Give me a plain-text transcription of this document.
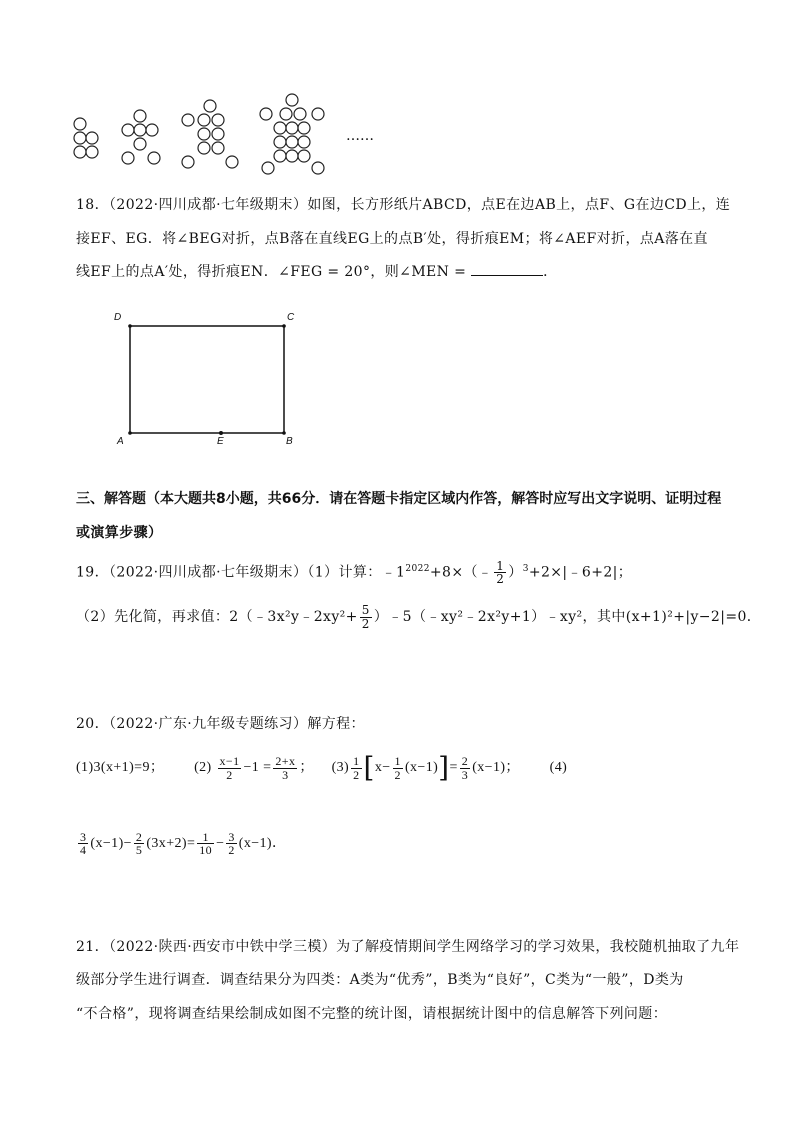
……
18．（2022·四川成都·七年级期末）如图，长方形纸片ABCD，点E在边AB上，点F、G在边CD上，连
接EF、EG．将∠BEG对折，点B落在直线EG上的点B′处，得折痕EM；将∠AEF对折，点A落在直
线EF上的点A′处，得折痕EN．∠FEG = 20°，则∠MEN =	．
D	C
A	E	B
三、解答题（本大题共8小题，共66分．请在答题卡指定区域内作答，解答时应写出文字说明、证明过程
或演算步骤）
19．（2022·四川成都·七年级期末）（1）计算：$﹣1^{2022}+8\times(﹣ \frac{1}{2}$ ）$^3$+2×|﹣6+2|；
（2）先化简，再求值：2（﹣3x²y﹣2xy²+ $\frac{5}{2}$ ）﹣5（﹣xy²﹣2x²y+1）﹣xy²，其中(x+1)²+|y−2|=0．
20．（2022·广东·九年级专题练习）解方程：
(1)3(x+1)=9； $(2) \frac{x-1}{2} -1 = \frac{2+x}{3}$ ； $(3) \frac{1}{2} [x- \frac{1}{2} (x-1)]= \frac{2}{3} (x-1)$； (4)
$\frac{3}{4} (x-1)- \frac{2}{5} (3x+2)= \frac{1}{10} - \frac{3}{2} (x-1)$．
21．（2022·陕西·西安市中铁中学三模）为了解疫情期间学生网络学习的学习效果，我校随机抽取了九年
级部分学生进行调查．调查结果分为四类：A类为“优秀”，B类为“良好”，C类为“一般”，D类为
“不合格”，现将调查结果绘制成如图不完整的统计图，请根据统计图中的信息解答下列问题：
